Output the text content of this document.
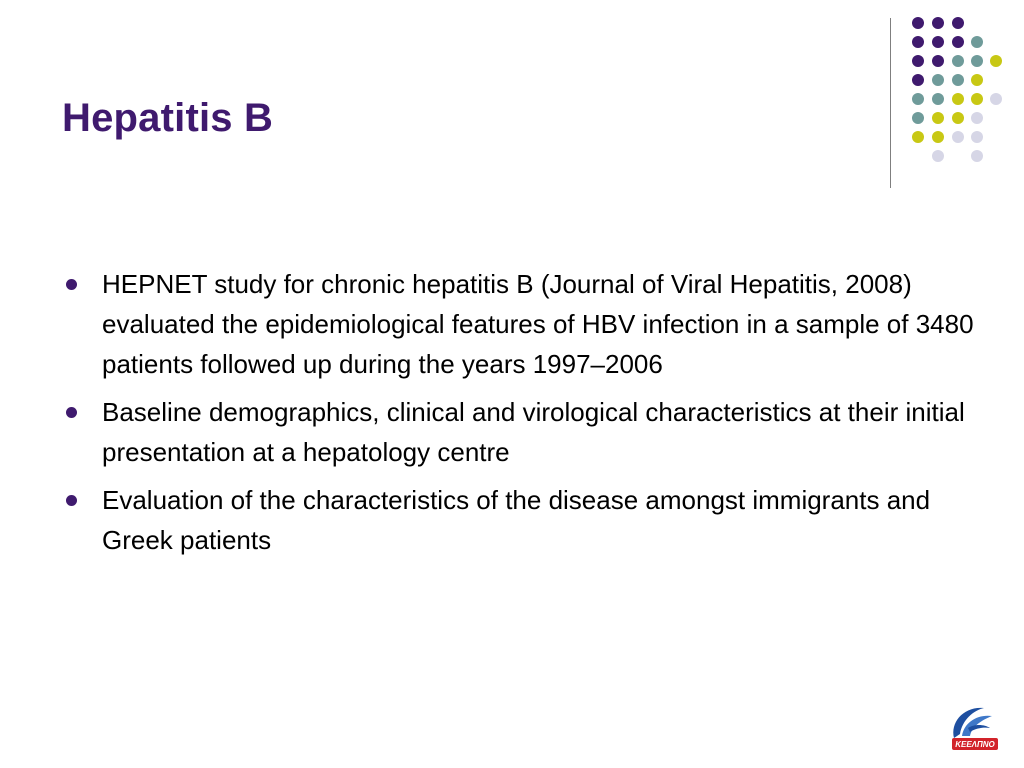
Hepatitis B
HEPNET study for chronic hepatitis B (Journal of Viral Hepatitis, 2008) evaluated the epidemiological features of HBV infection in a sample of 3480 patients followed up during the years 1997–2006
Baseline demographics, clinical and virological characteristics at their initial presentation at a hepatology centre
Evaluation of the characteristics of the disease amongst immigrants and Greek patients
ΚΕΕΛΠΝΟ
